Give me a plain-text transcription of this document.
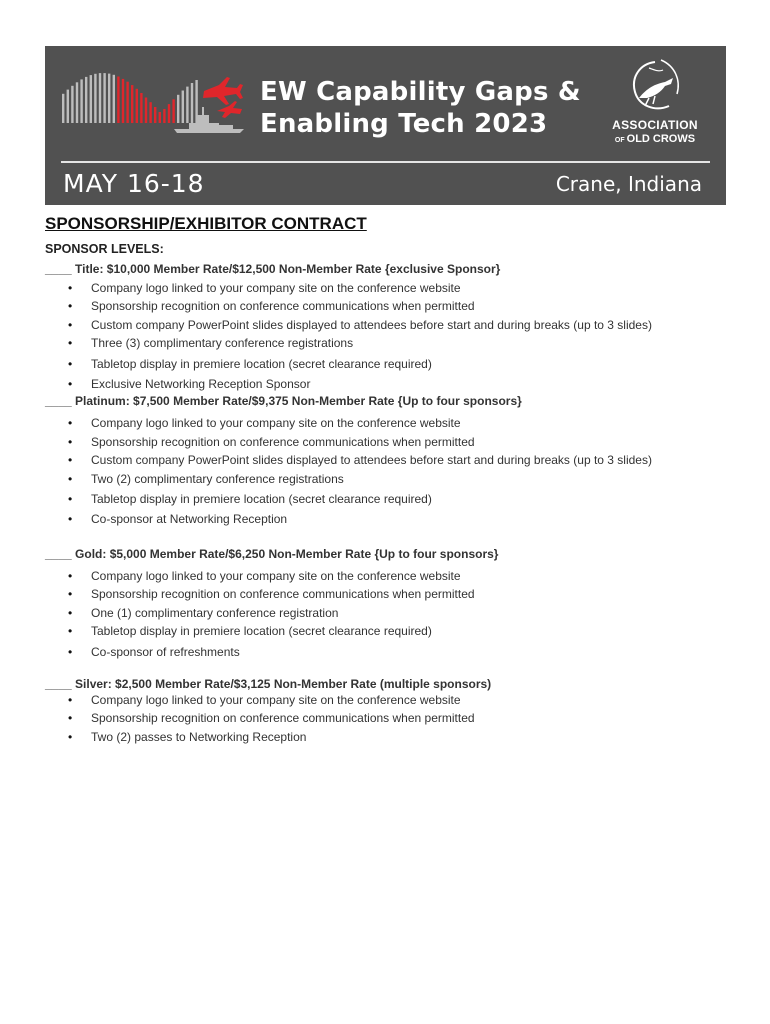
EW Capability Gaps &
Enabling Tech 2023	ASSOCIATION
OF OLD CROWS
MAY 16-18	Crane, Indiana
SPONSORSHIP/EXHIBITOR CONTRACT
SPONSOR LEVELS:
____ Title: $10,000 Member Rate/$12,500 Non-Member Rate {exclusive Sponsor}
• Company logo linked to your company site on the conference website
• Sponsorship recognition on conference communications when permitted
• Custom company PowerPoint slides displayed to attendees before start and during breaks (up to 3 slides)
• Three (3) complimentary conference registrations
• Tabletop display in premiere location (secret clearance required)
• Exclusive Networking Reception Sponsor
____ Platinum: $7,500 Member Rate/$9,375 Non-Member Rate {Up to four sponsors}
• Company logo linked to your company site on the conference website
• Sponsorship recognition on conference communications when permitted
• Custom company PowerPoint slides displayed to attendees before start and during breaks (up to 3 slides)
• Two (2) complimentary conference registrations
• Tabletop display in premiere location (secret clearance required)
• Co-sponsor at Networking Reception
____ Gold: $5,000 Member Rate/$6,250 Non-Member Rate {Up to four sponsors}
• Company logo linked to your company site on the conference website
• Sponsorship recognition on conference communications when permitted
• One (1) complimentary conference registration
• Tabletop display in premiere location (secret clearance required)
• Co-sponsor of refreshments
____ Silver: $2,500 Member Rate/$3,125 Non-Member Rate (multiple sponsors)
• Company logo linked to your company site on the conference website
• Sponsorship recognition on conference communications when permitted
• Two (2) passes to Networking Reception
